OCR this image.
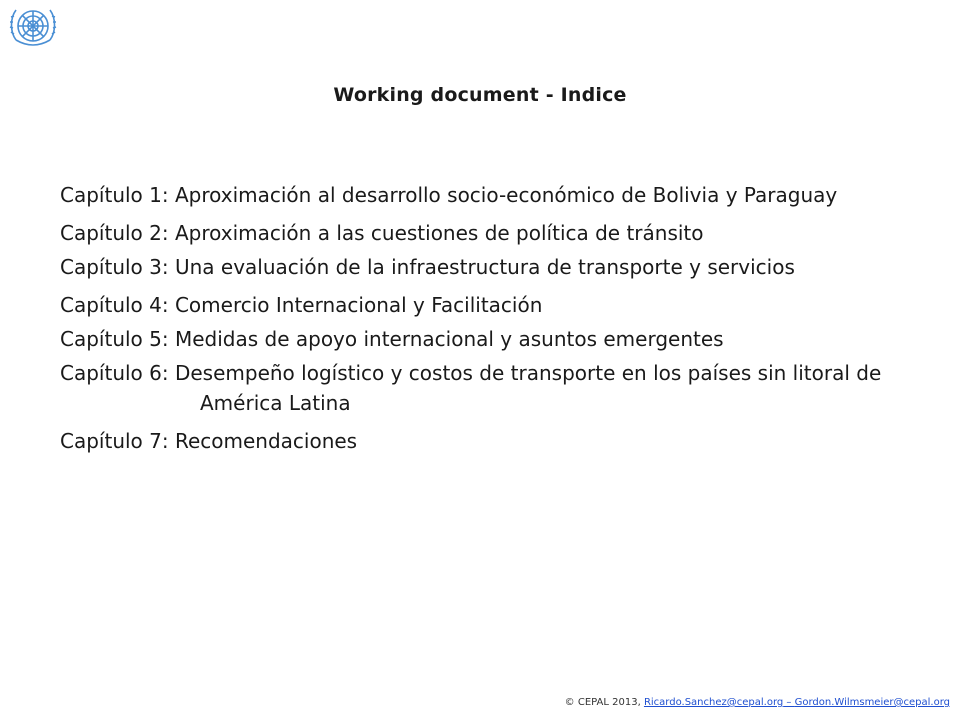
Working document - Indice
Capítulo 1: Aproximación al desarrollo socio-económico de Bolivia y Paraguay
Capítulo 2: Aproximación a las cuestiones de política de tránsito
Capítulo 3: Una evaluación de la infraestructura de transporte y servicios
Capítulo 4: Comercio Internacional y Facilitación
Capítulo 5: Medidas de apoyo internacional y asuntos emergentes
Capítulo 6: Desempeño logístico y costos de transporte en los países sin litoral de América Latina
Capítulo 7: Recomendaciones
© CEPAL 2013, Ricardo.Sanchez@cepal.org – Gordon.Wilmsmeier@cepal.org
